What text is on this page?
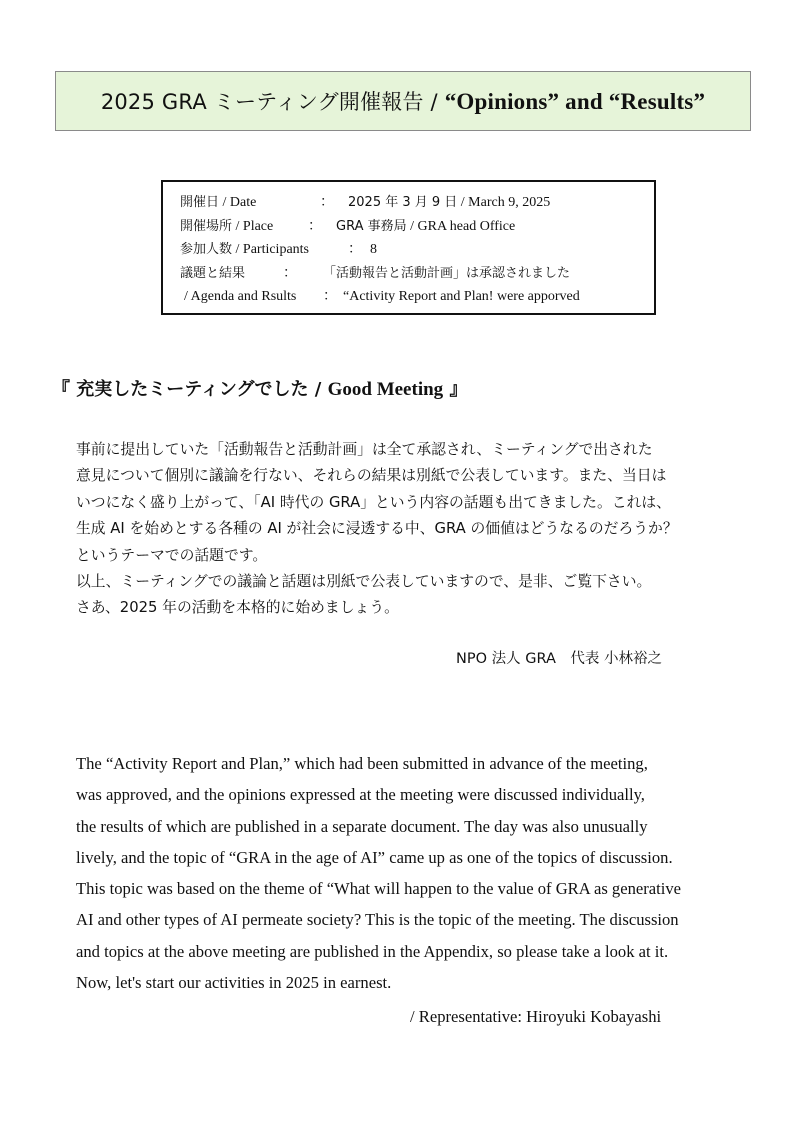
2025 GRA ミーティング開催報告 / “Opinions” and “Results”
開催日 / Date	： 2025 年 3 月 9 日 / March 9, 2025
開催場所 / Place ： GRA 事務局 / GRA head Office
参加人数 / Participants	： 8
議題と結果	： 「活動報告と活動計画」は承認されました
/ Agenda and Rsults ： “Activity Report and Plan! were apporved
『 充実したミーティングでした / Good Meeting 』
事前に提出していた「活動報告と活動計画」は全て承認され、ミーティングで出された
意見について個別に議論を行ない、それらの結果は別紙で公表しています。また、当日は
いつになく盛り上がって、「AI 時代の GRA」という内容の話題も出てきました。これは、
生成 AI を始めとする各種の AI が社会に浸透する中、GRA の価値はどうなるのだろうか？
というテーマでの話題です。
以上、ミーティングでの議論と話題は別紙で公表していますので、是非、ご覧下さい。
さあ、2025 年の活動を本格的に始めましょう。
NPO 法人 GRA　代表 小林裕之
The “Activity Report and Plan,” which had been submitted in advance of the meeting,
was approved, and the opinions expressed at the meeting were discussed individually,
the results of which are published in a separate document. The day was also unusually
lively, and the topic of “GRA in the age of AI” came up as one of the topics of discussion.
This topic was based on the theme of “What will happen to the value of GRA as generative
AI and other types of AI permeate society? This is the topic of the meeting. The discussion
and topics at the above meeting are published in the Appendix, so please take a look at it.
Now, let's start our activities in 2025 in earnest.
/ Representative: Hiroyuki Kobayashi
